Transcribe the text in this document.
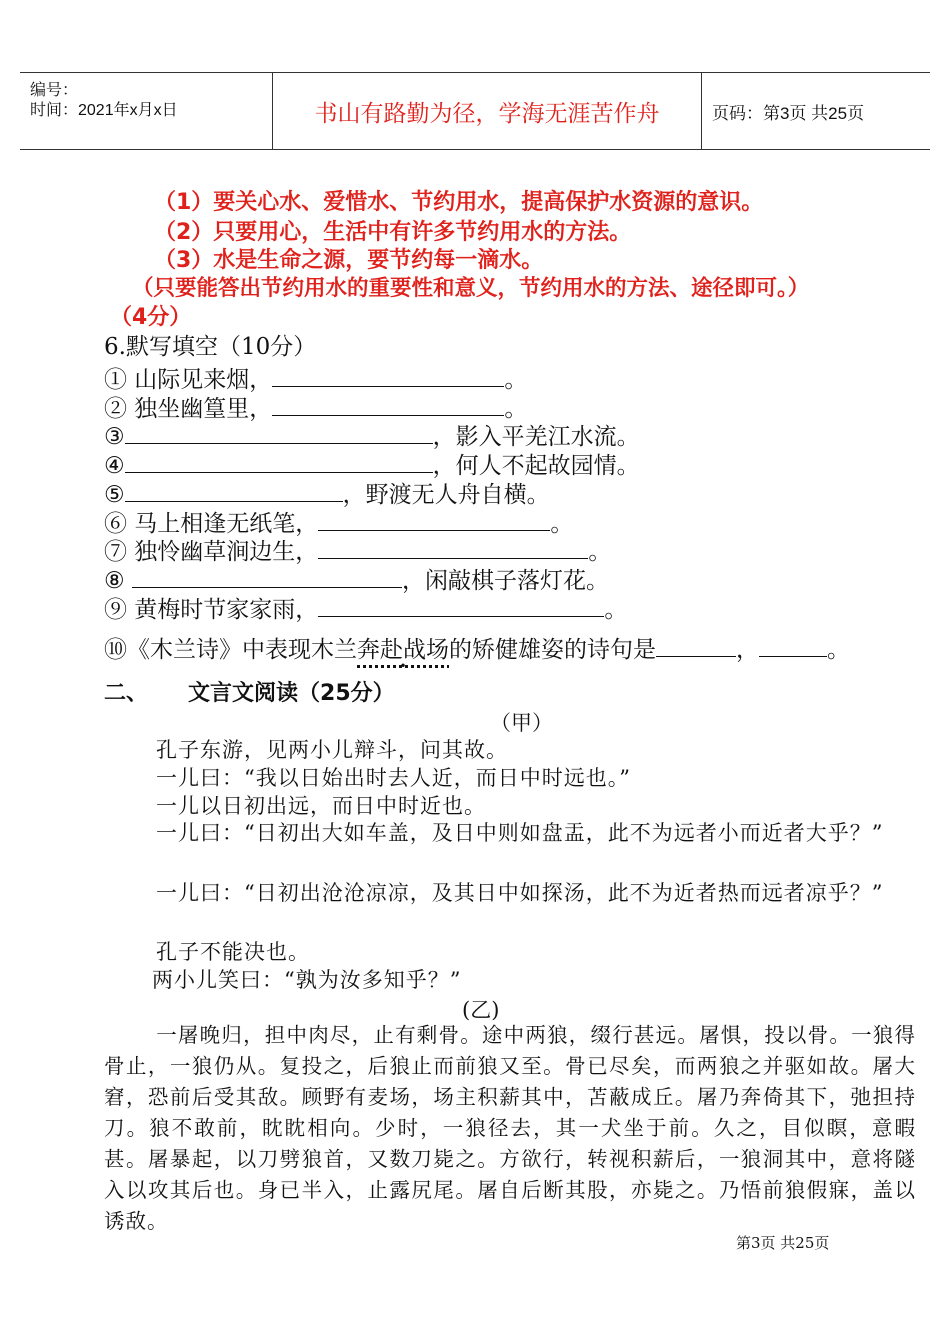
编号：
时间：2021年x月x日	书山有路勤为径，学海无涯苦作舟	页码：第3页 共25页
（1）要关心水、爱惜水、节约用水，提高保护水资源的意识。
（2）只要用心，生活中有许多节约用水的方法。
（3）水是生命之源，要节约每一滴水。
（只要能答出节约用水的重要性和意义，节约用水的方法、途径即可。）
（4分）
6.默写填空（10分）
① 山际见来烟，	。
② 独坐幽篁里，	。
③	，影入平羌江水流。
④	，何人不起故园情。
⑤	，野渡无人舟自横。
⑥ 马上相逢无纸笔，	。
⑦ 独怜幽草涧边生，	。
⑧	，闲敲棋子落灯花。
⑨ 黄梅时节家家雨，	。
⑩《木兰诗》中表现木兰奔赴战场的矫健雄姿的诗句是	，	。
二、 文言文阅读（25分）
（甲）
孔子东游，见两小儿辩斗，问其故。
一儿曰：“我以日始出时去人近，而日中时远也。”
一儿以日初出远，而日中时近也。
一儿曰：“日初出大如车盖，及日中则如盘盂，此不为远者小而近者大乎？”
一儿曰：“日初出沧沧凉凉，及其日中如探汤，此不为近者热而远者凉乎？”
孔子不能决也。
两小儿笑曰：“孰为汝多知乎？”
(乙)
一屠晚归，担中肉尽，止有剩骨。途中两狼，缀行甚远。屠惧，投以骨。一狼得骨止，一狼仍从。复投之，后狼止而前狼又至。骨已尽矣，而两狼之并驱如故。屠大窘，恐前后受其敌。顾野有麦场，场主积薪其中，苫蔽成丘。屠乃奔倚其下，弛担持刀。狼不敢前，眈眈相向。少时，一狼径去，其一犬坐于前。久之，目似瞑，意暇甚。屠暴起，以刀劈狼首，又数刀毙之。方欲行，转视积薪后，一狼洞其中，意将隧入以攻其后也。身已半入，止露尻尾。屠自后断其股，亦毙之。乃悟前狼假寐，盖以诱敌。
第3页 共25页
